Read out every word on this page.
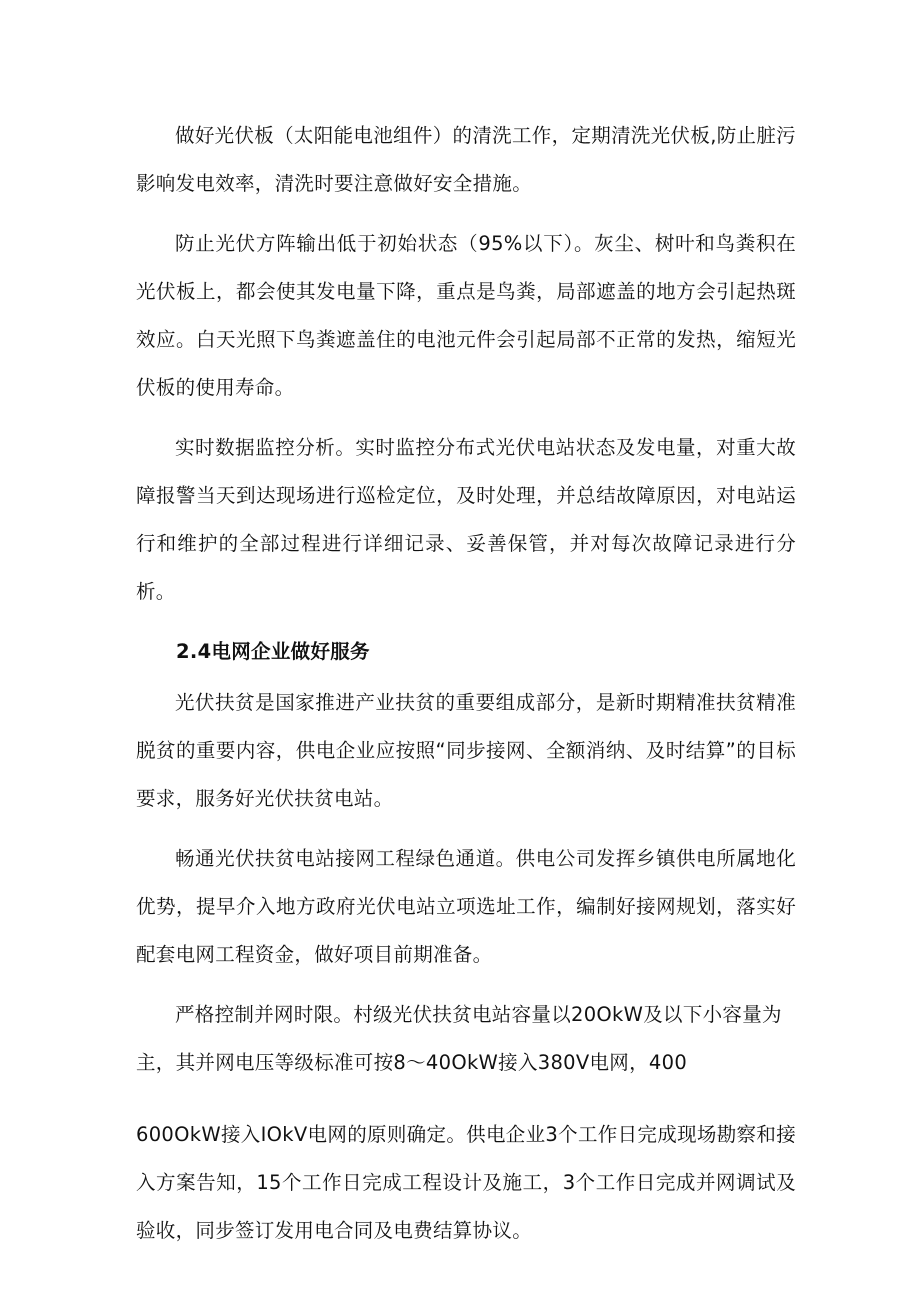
做好光伏板（太阳能电池组件）的清洗工作，定期清洗光伏板,防止脏污影响发电效率，清洗时要注意做好安全措施。

防止光伏方阵输出低于初始状态（95%以下）。灰尘、树叶和鸟粪积在光伏板上，都会使其发电量下降，重点是鸟粪，局部遮盖的地方会引起热斑效应。白天光照下鸟粪遮盖住的电池元件会引起局部不正常的发热，缩短光伏板的使用寿命。

实时数据监控分析。实时监控分布式光伏电站状态及发电量，对重大故障报警当天到达现场进行巡检定位，及时处理，并总结故障原因，对电站运行和维护的全部过程进行详细记录、妥善保管，并对每次故障记录进行分析。

2.4电网企业做好服务

光伏扶贫是国家推进产业扶贫的重要组成部分，是新时期精准扶贫精准脱贫的重要内容，供电企业应按照“同步接网、全额消纳、及时结算”的目标要求，服务好光伏扶贫电站。

畅通光伏扶贫电站接网工程绿色通道。供电公司发挥乡镇供电所属地化优势，提早介入地方政府光伏电站立项选址工作，编制好接网规划，落实好配套电网工程资金，做好项目前期准备。

严格控制并网时限。村级光伏扶贫电站容量以20OkW及以下小容量为
主，其并网电压等级标准可按8〜40OkW接入380V电网，400
600OkW接入IOkV电网的原则确定。供电企业3个工作日完成现场勘察和接入方案告知，15个工作日完成工程设计及施工，3个工作日完成并网调试及验收，同步签订发用电合同及电费结算协议。
